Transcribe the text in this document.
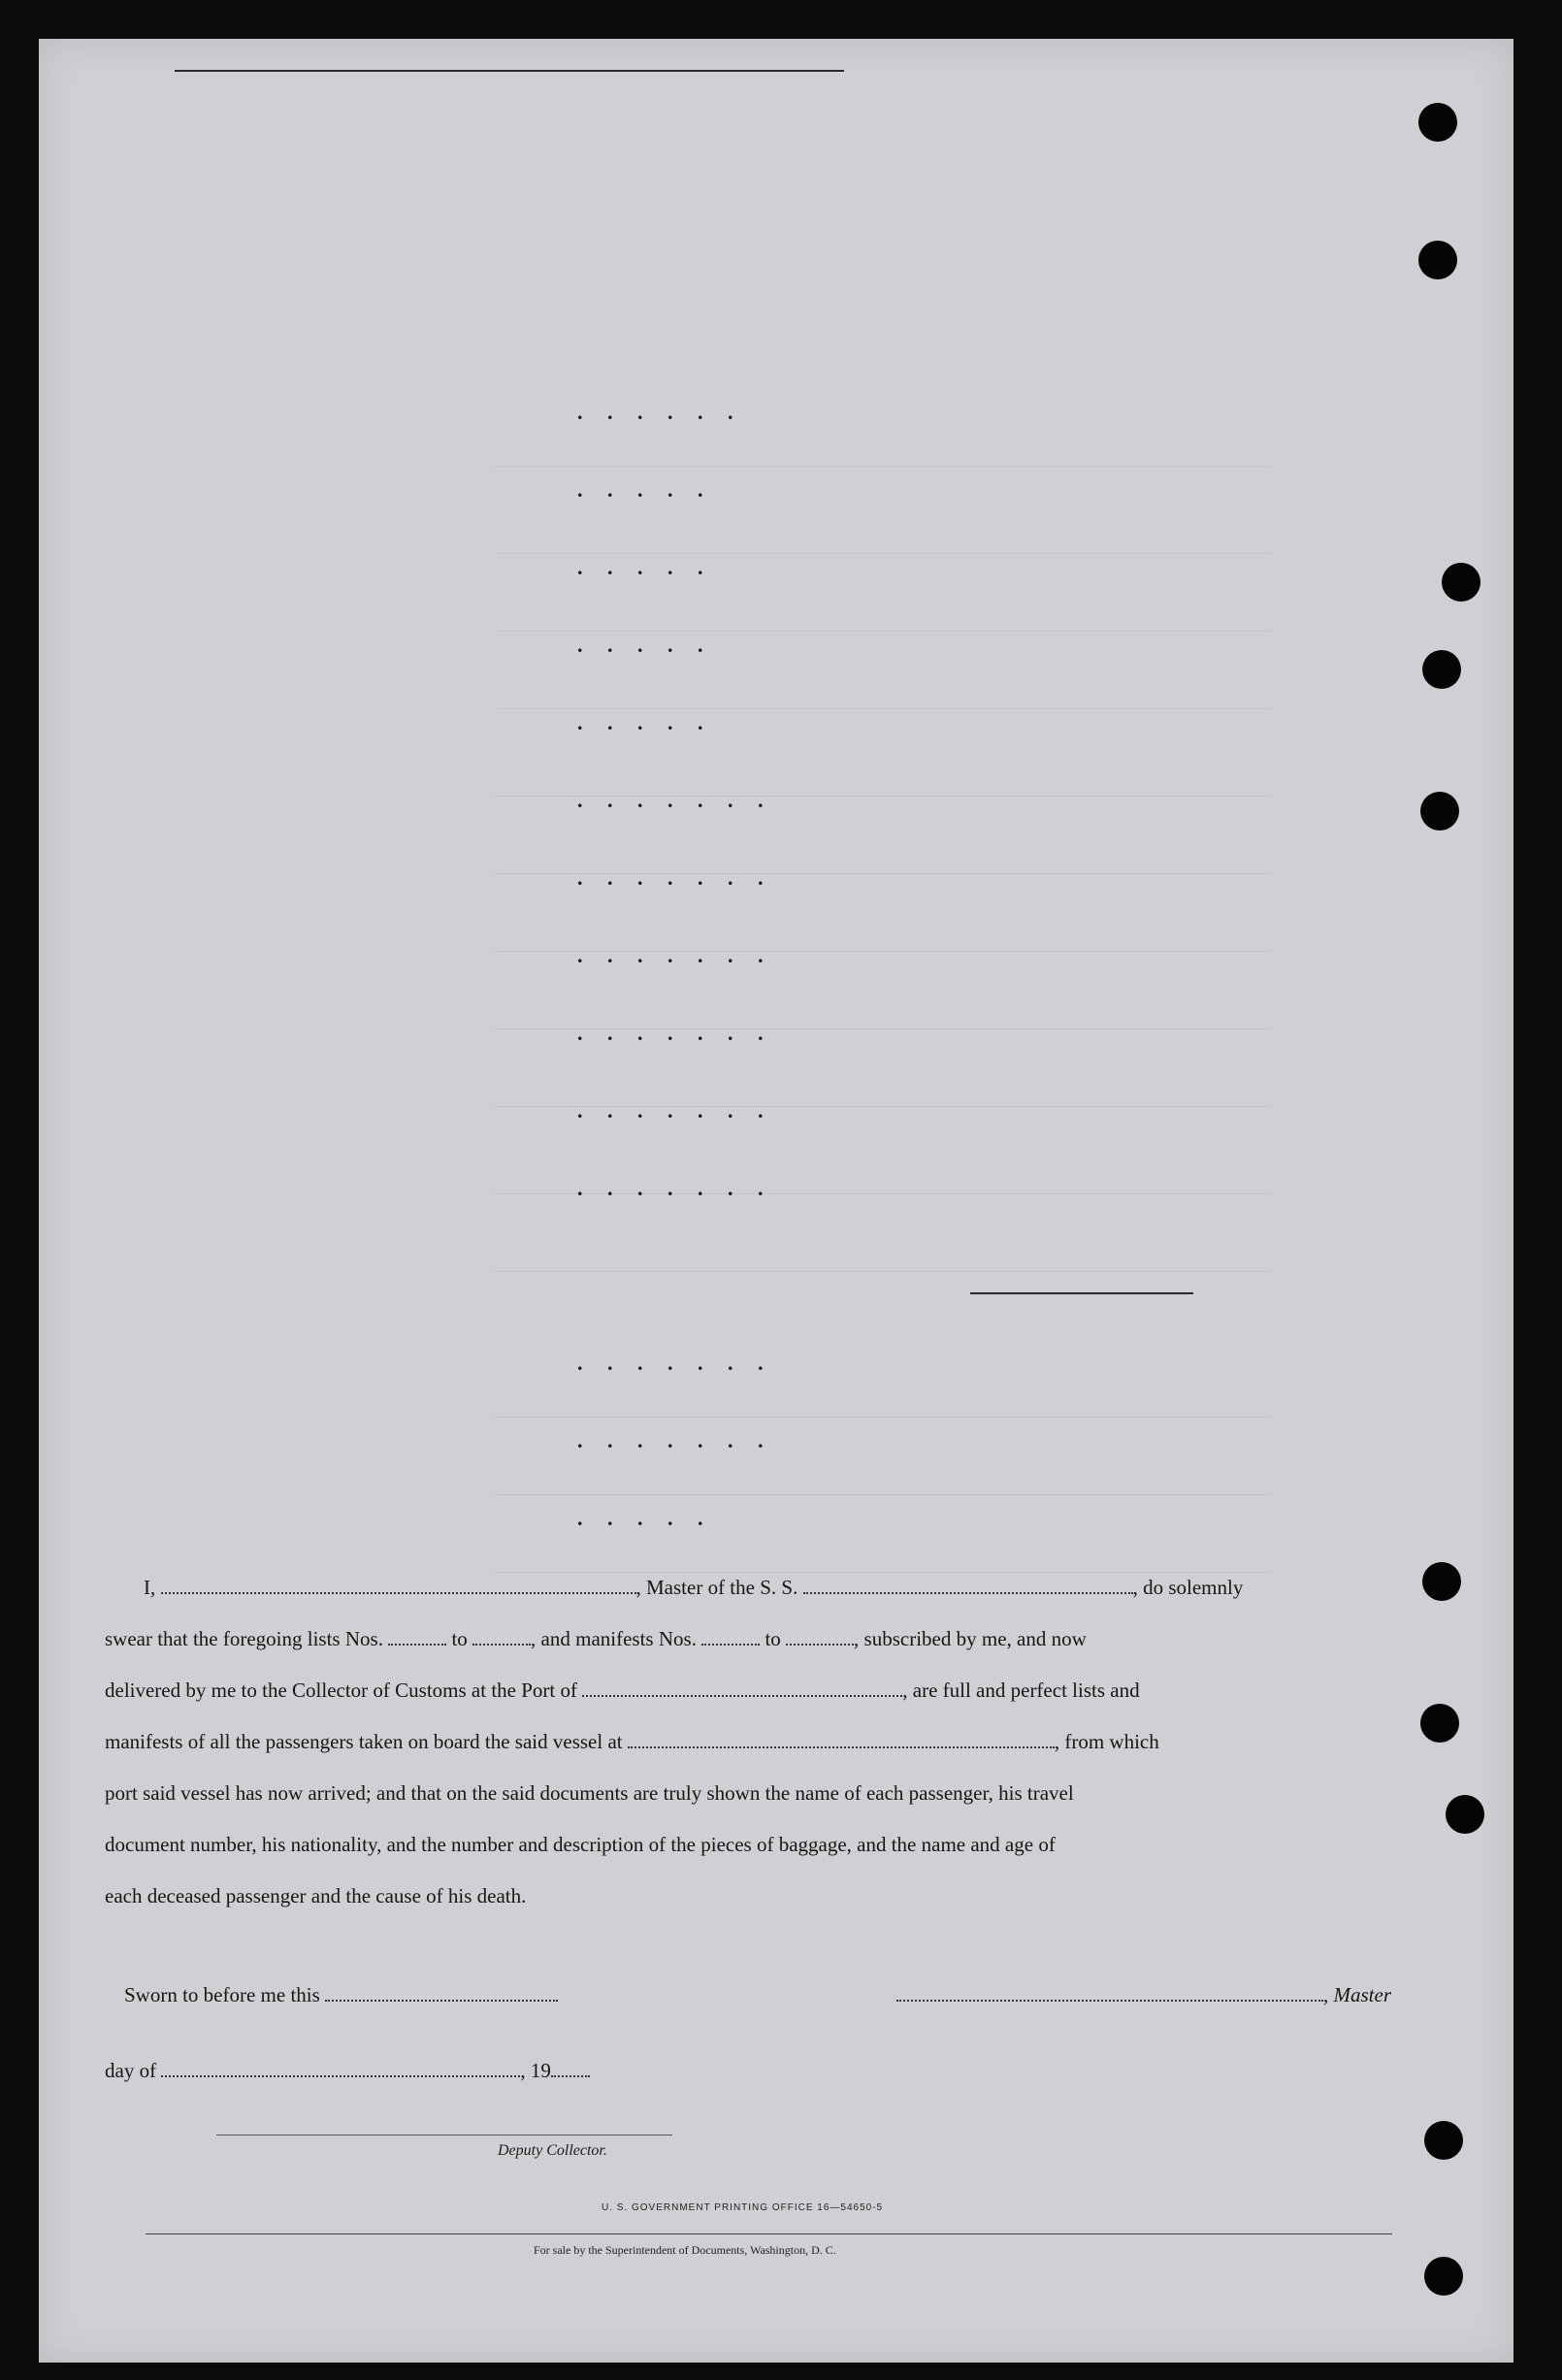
. . . . . .
. . . . .
. . . . .
. . . . .
. . . . .
. . . . . . .
. . . . . . .
. . . . . . .
. . . . . . .
. . . . . . .
. . . . . . .
. . . . . . .
. . . . . . .
. . . . .
I,	, Master of the S. S.	, do solemnly
swear that the foregoing lists Nos.	to	, and manifests Nos.	to	, subscribed by me, and now
delivered by me to the Collector of Customs at the Port of	, are full and perfect lists and
manifests of all the passengers taken on board the said vessel at	, from which
port said vessel has now arrived; and that on the said documents are truly shown the name of each passenger, his travel
document number, his nationality, and the number and description of the pieces of baggage, and the name and age of
each deceased passenger and the cause of his death.
Sworn to before me this	, Master
day of	, 19
Deputy Collector.
U. S. GOVERNMENT PRINTING OFFICE 16—54650-5
For sale by the Superintendent of Documents, Washington, D. C.
